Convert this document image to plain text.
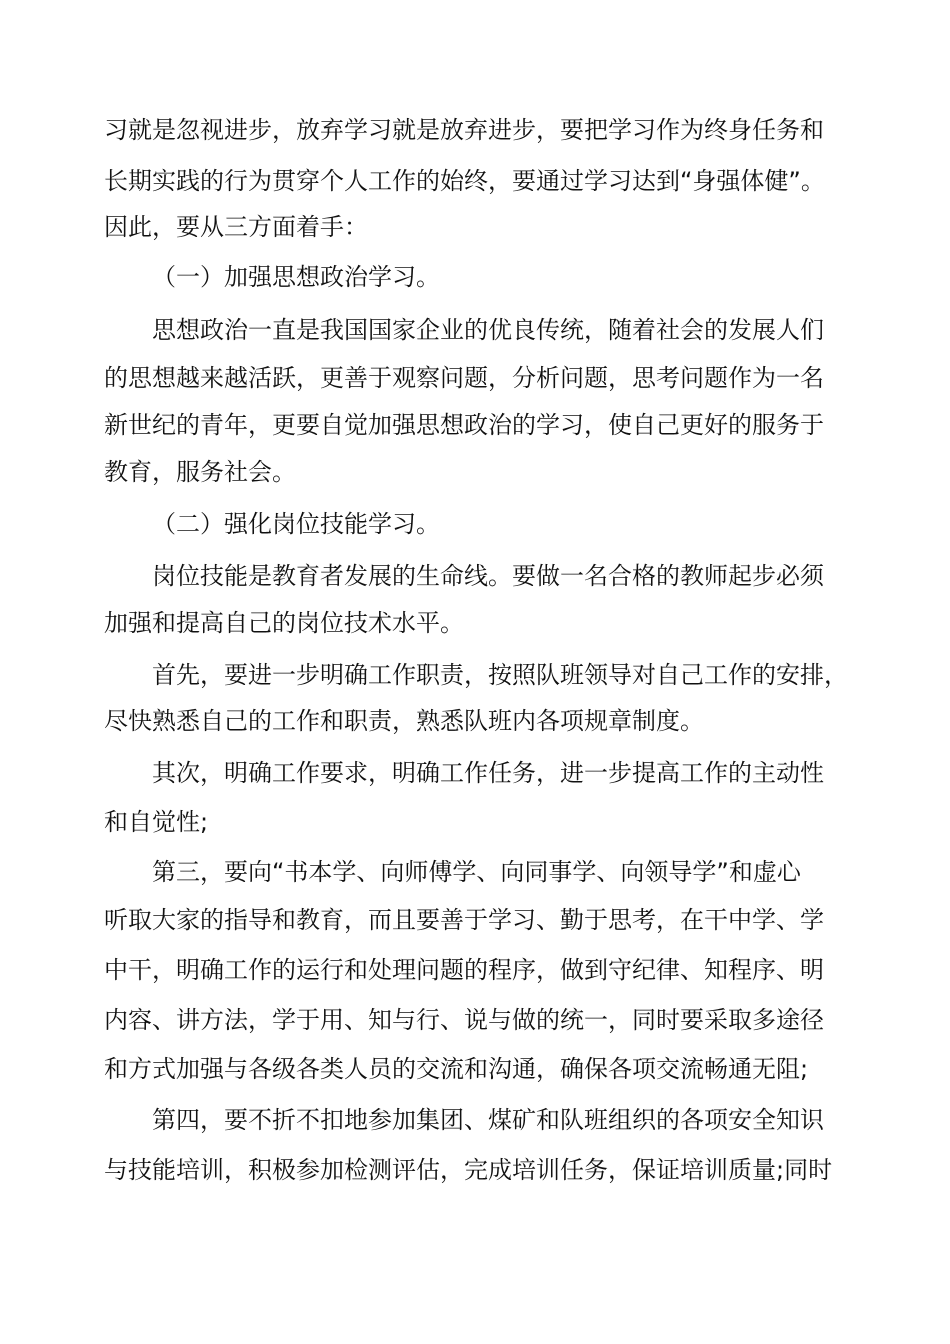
习就是忽视进步，放弃学习就是放弃进步，要把学习作为终身任务和

长期实践的行为贯穿个人工作的始终，要通过学习达到“身强体健”。

因此，要从三方面着手：

（一）加强思想政治学习。

思想政治一直是我国国家企业的优良传统，随着社会的发展人们

的思想越来越活跃，更善于观察问题，分析问题，思考问题作为一名

新世纪的青年，更要自觉加强思想政治的学习，使自己更好的服务于

教育，服务社会。

（二）强化岗位技能学习。

岗位技能是教育者发展的生命线。要做一名合格的教师起步必须

加强和提高自己的岗位技术水平。

首先，要进一步明确工作职责，按照队班领导对自己工作的安排，

尽快熟悉自己的工作和职责，熟悉队班内各项规章制度。

其次，明确工作要求，明确工作任务，进一步提高工作的主动性

和自觉性;

第三，要向“书本学、向师傅学、向同事学、向领导学”和虚心

听取大家的指导和教育，而且要善于学习、勤于思考，在干中学、学

中干，明确工作的运行和处理问题的程序，做到守纪律、知程序、明

内容、讲方法，学于用、知与行、说与做的统一，同时要采取多途径

和方式加强与各级各类人员的交流和沟通，确保各项交流畅通无阻;

第四，要不折不扣地参加集团、煤矿和队班组织的各项安全知识

与技能培训，积极参加检测评估，完成培训任务，保证培训质量;同时
